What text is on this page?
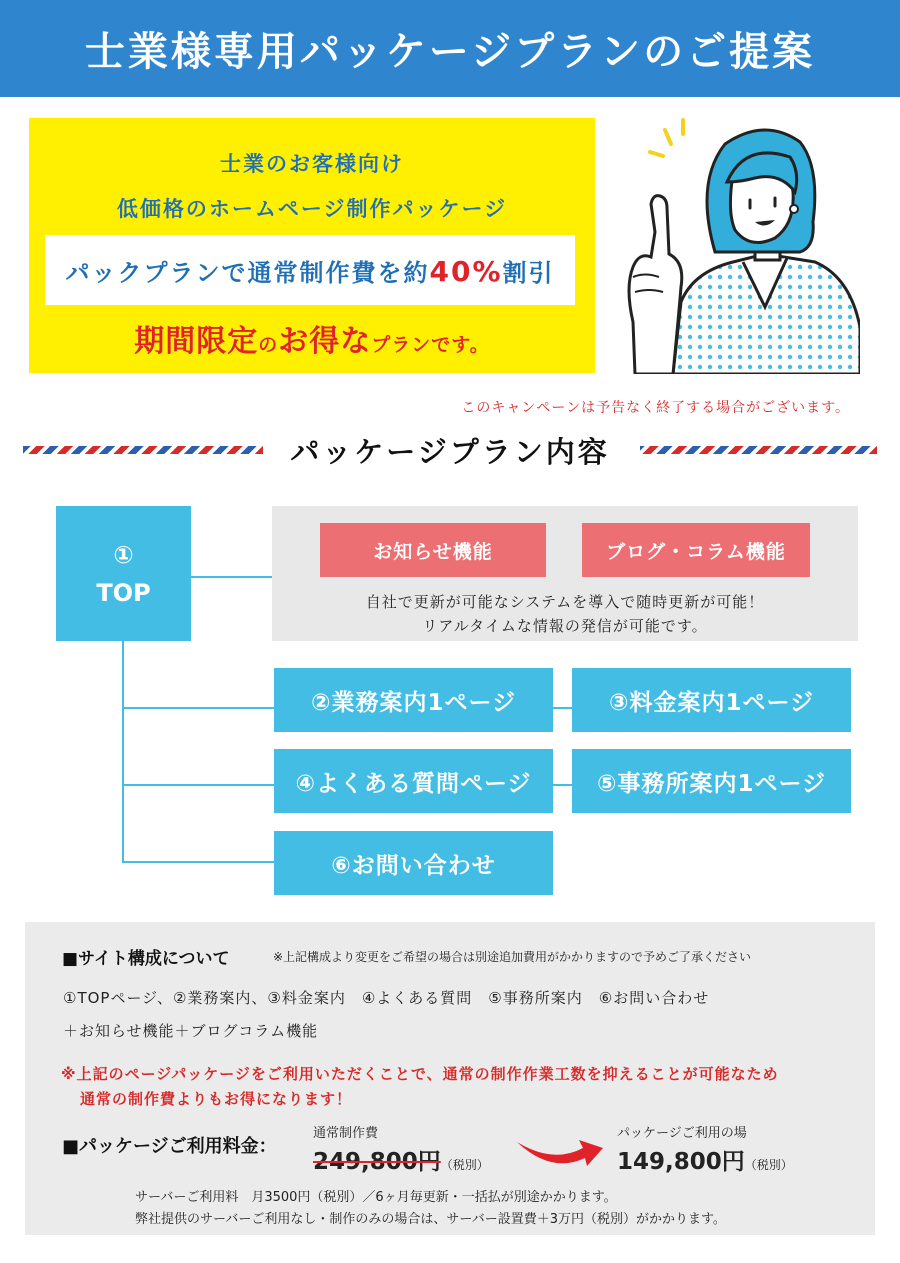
士業様専用パッケージプランのご提案
士業のお客様向け
低価格のホームページ制作パッケージ
パックプランで通常制作費を約40%割引
期間限定のお得なプランです。
このキャンペーンは予告なく終了する場合がございます。
パッケージプラン内容
①
TOP
お知らせ機能	ブログ・コラム機能
自社で更新が可能なシステムを導入で随時更新が可能！
リアルタイムな情報の発信が可能です。
②業務案内1ページ	③料金案内1ページ
④よくある質問ページ	⑤事務所案内1ページ
⑥お問い合わせ
■サイト構成について	※上記構成より変更をご希望の場合は別途追加費用がかかりますので予めご了承ください
①TOPページ、②業務案内、③料金案内　④よくある質問　⑤事務所案内　⑥お問い合わせ
＋お知らせ機能＋ブログコラム機能
※上記のページパッケージをご利用いただくことで、通常の制作作業工数を抑えることが可能なため
通常の制作費よりもお得になります！
■パッケージご利用料金：
通常制作費
249,800円（税別）
パッケージご利用の場
149,800円（税別）
サーバーご利用料　月3500円（税別）／6ヶ月毎更新・一括払が別途かかります。
弊社提供のサーバーご利用なし・制作のみの場合は、サーバー設置費＋3万円（税別）がかかります。
